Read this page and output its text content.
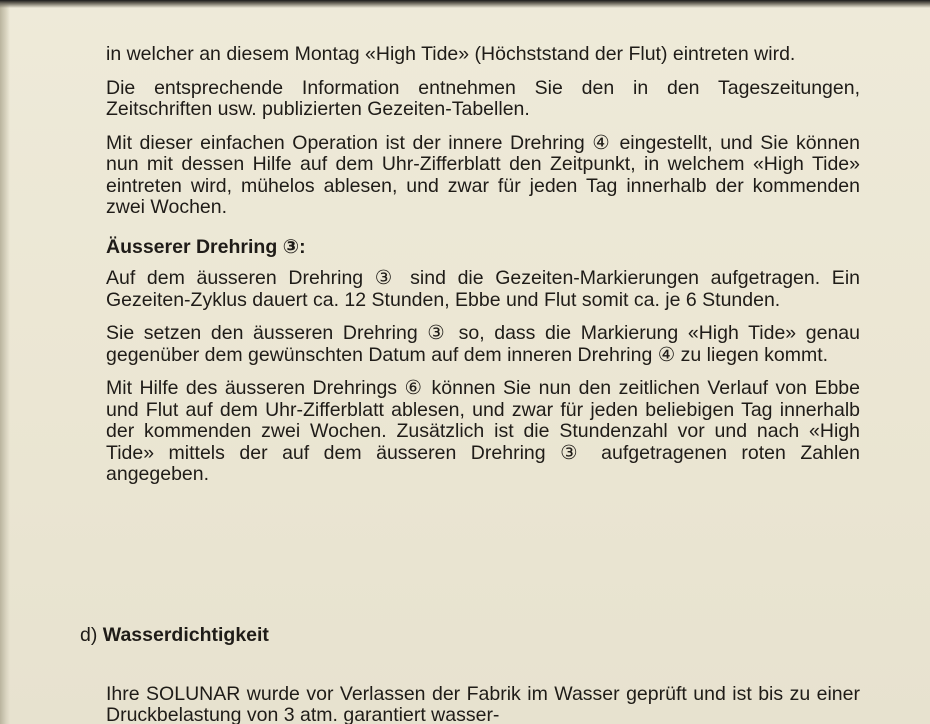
in welcher an diesem Montag «High Tide» (Höchststand der Flut) eintreten wird.

Die entsprechende Information entnehmen Sie den in den Tageszeitungen, Zeitschriften usw. publizierten Gezeiten-Tabellen.

Mit dieser einfachen Operation ist der innere Drehring ④ eingestellt, und Sie können nun mit dessen Hilfe auf dem Uhr-Zifferblatt den Zeitpunkt, in welchem «High Tide» eintreten wird, mühelos ablesen, und zwar für jeden Tag innerhalb der kommenden zwei Wochen.

Äusserer Drehring ③:

Auf dem äusseren Drehring ③ sind die Gezeiten-Markierungen aufgetragen. Ein Gezeiten-Zyklus dauert ca. 12 Stunden, Ebbe und Flut somit ca. je 6 Stunden.

Sie setzen den äusseren Drehring ③ so, dass die Markierung «High Tide» genau gegenüber dem gewünschten Datum auf dem inneren Drehring ④ zu liegen kommt.

Mit Hilfe des äusseren Drehrings ⑥ können Sie nun den zeitlichen Verlauf von Ebbe und Flut auf dem Uhr-Zifferblatt ablesen, und zwar für jeden beliebigen Tag innerhalb der kommenden zwei Wochen. Zusätzlich ist die Stundenzahl vor und nach «High Tide» mittels der auf dem äusseren Drehring ③ aufgetragenen roten Zahlen angegeben.

d) Wasserdichtigkeit

Ihre SOLUNAR wurde vor Verlassen der Fabrik im Wasser geprüft und ist bis zu einer Druckbelastung von 3 atm. garantiert wasser-
